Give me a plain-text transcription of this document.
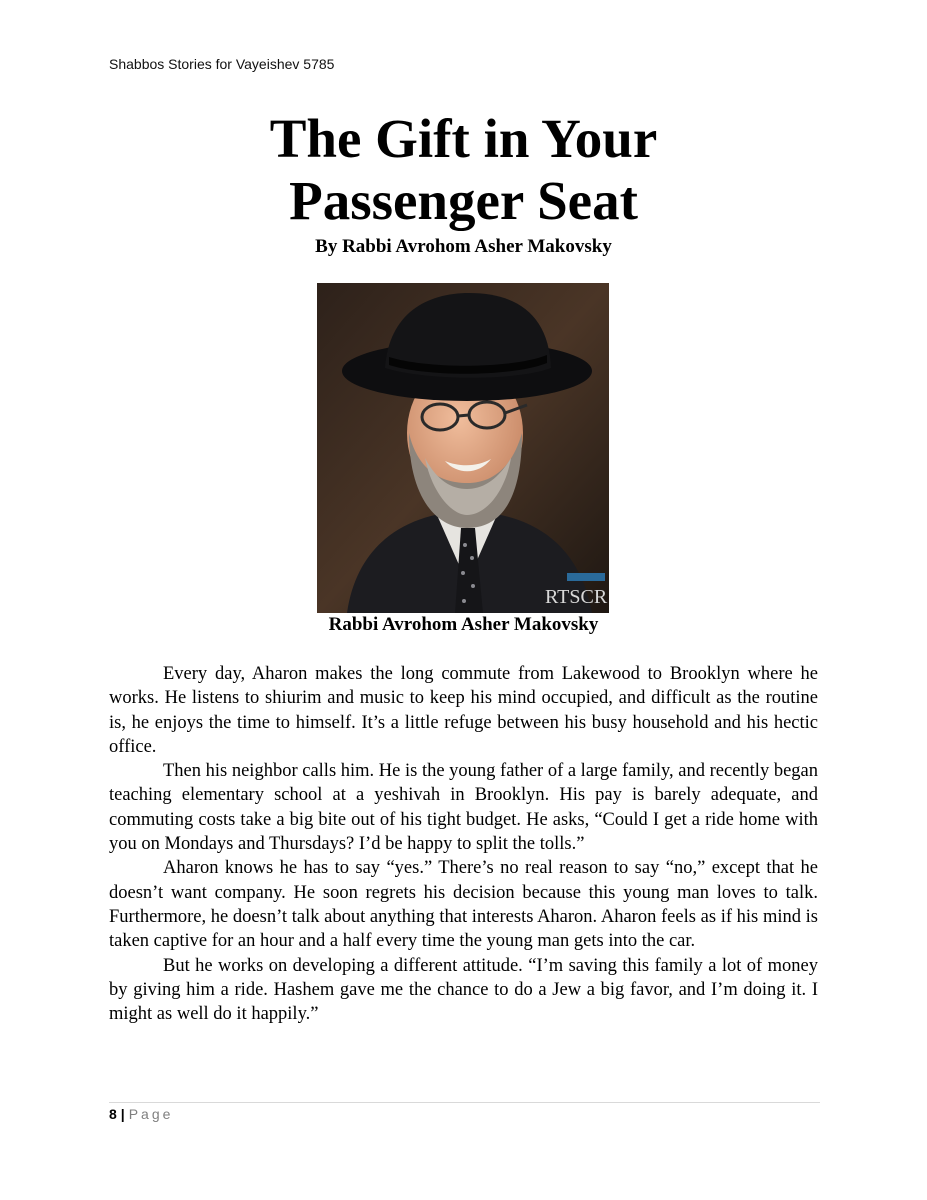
Shabbos Stories for Vayeishev 5785
The Gift in Your
Passenger Seat
By Rabbi Avrohom Asher Makovsky
RTSCR
Rabbi Avrohom Asher Makovsky

Every day, Aharon makes the long commute from Lakewood to Brooklyn where he works. He listens to shiurim and music to keep his mind occupied, and difficult as the routine is, he enjoys the time to himself. It’s a little refuge between his busy household and his hectic office.

Then his neighbor calls him. He is the young father of a large family, and recently began teaching elementary school at a yeshivah in Brooklyn. His pay is barely adequate, and commuting costs take a big bite out of his tight budget. He asks, “Could I get a ride home with you on Mondays and Thursdays? I’d be happy to split the tolls.”

Aharon knows he has to say “yes.” There’s no real reason to say “no,” except that he doesn’t want company. He soon regrets his decision because this young man loves to talk. Furthermore, he doesn’t talk about anything that interests Aharon. Aharon feels as if his mind is taken captive for an hour and a half every time the young man gets into the car.

But he works on developing a different attitude. “I’m saving this family a lot of money by giving him a ride. Hashem gave me the chance to do a Jew a big favor, and I’m doing it. I might as well do it happily.”

8 | Page
